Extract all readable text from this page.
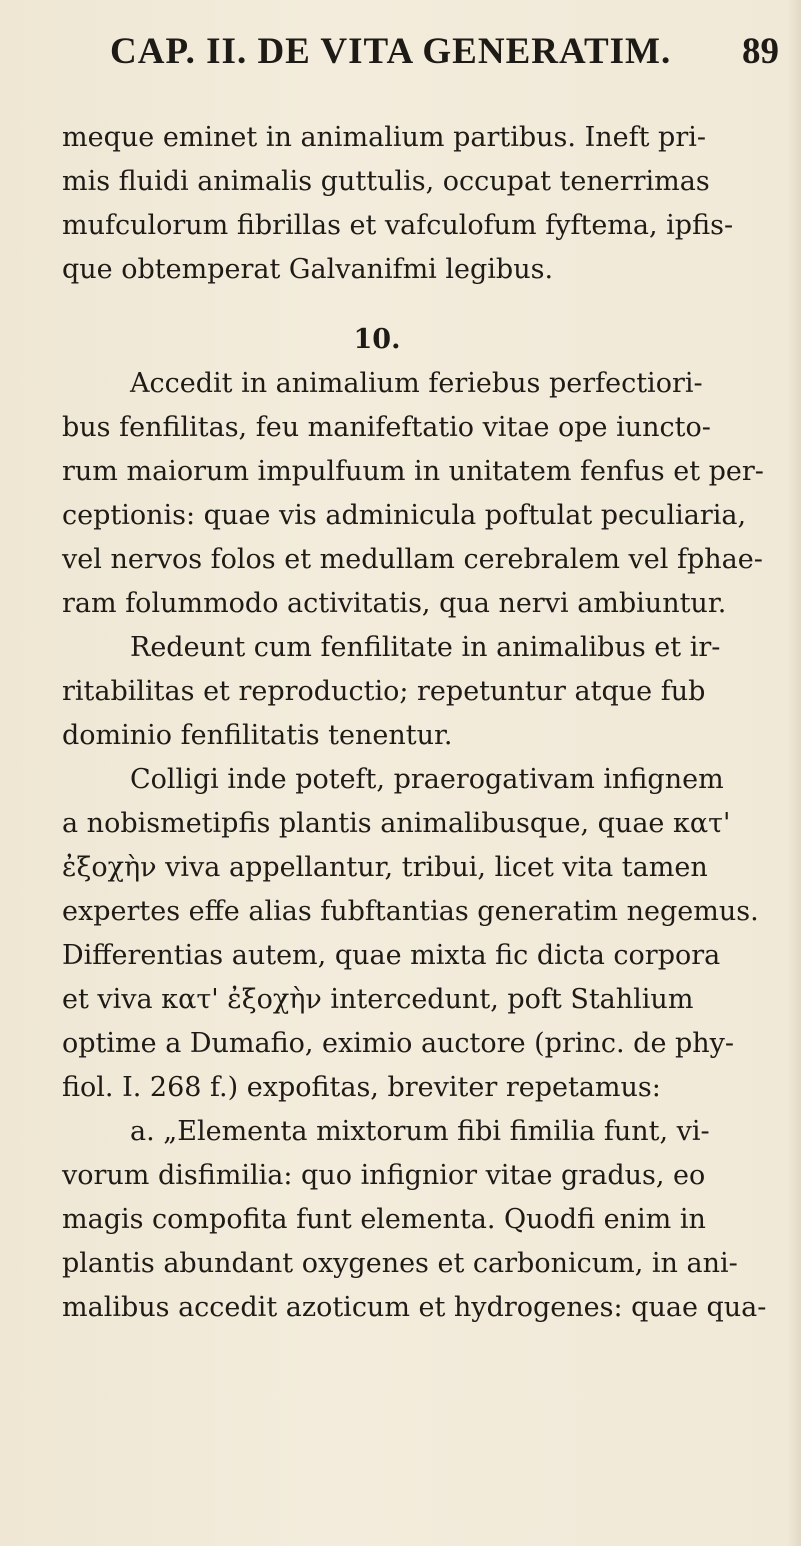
CAP. II. DE VITA GENERATIM. 89
meque eminet in animalium partibus. Ineft pri-
mis fluidi animalis guttulis, occupat tenerrimas
mufculorum fibrillas et vafculofum fyftema, ipfis-
que obtemperat Galvanifmi legibus.
10.
Accedit in animalium feriebus perfectiori-
bus fenfilitas, feu manifeftatio vitae ope iuncto-
rum maiorum impulfuum in unitatem fenfus et per-
ceptionis: quae vis adminicula poftulat peculiaria,
vel nervos folos et medullam cerebralem vel fphae-
ram folummodo activitatis, qua nervi ambiuntur.
Redeunt cum fenfilitate in animalibus et ir-
ritabilitas et reproductio; repetuntur atque fub
dominio fenfilitatis tenentur.
Colligi inde poteft, praerogativam infignem
a nobismetipfis plantis animalibusque, quae κατ'
ἐξοχὴν viva appellantur, tribui, licet vita tamen
expertes effe alias fubftantias generatim negemus.
Differentias autem, quae mixta fic dicta corpora
et viva κατ' ἐξοχὴν intercedunt, poft Stahlium
optime a Dumafio, eximio auctore (princ. de phy-
fiol. I. 268 f.) expofitas, breviter repetamus:
a. „Elementa mixtorum fibi fimilia funt, vi-
vorum disfimilia: quo infignior vitae gradus, eo
magis compofita funt elementa. Quodfi enim in
plantis abundant oxygenes et carbonicum, in ani-
malibus accedit azoticum et hydrogenes: quae qua-
